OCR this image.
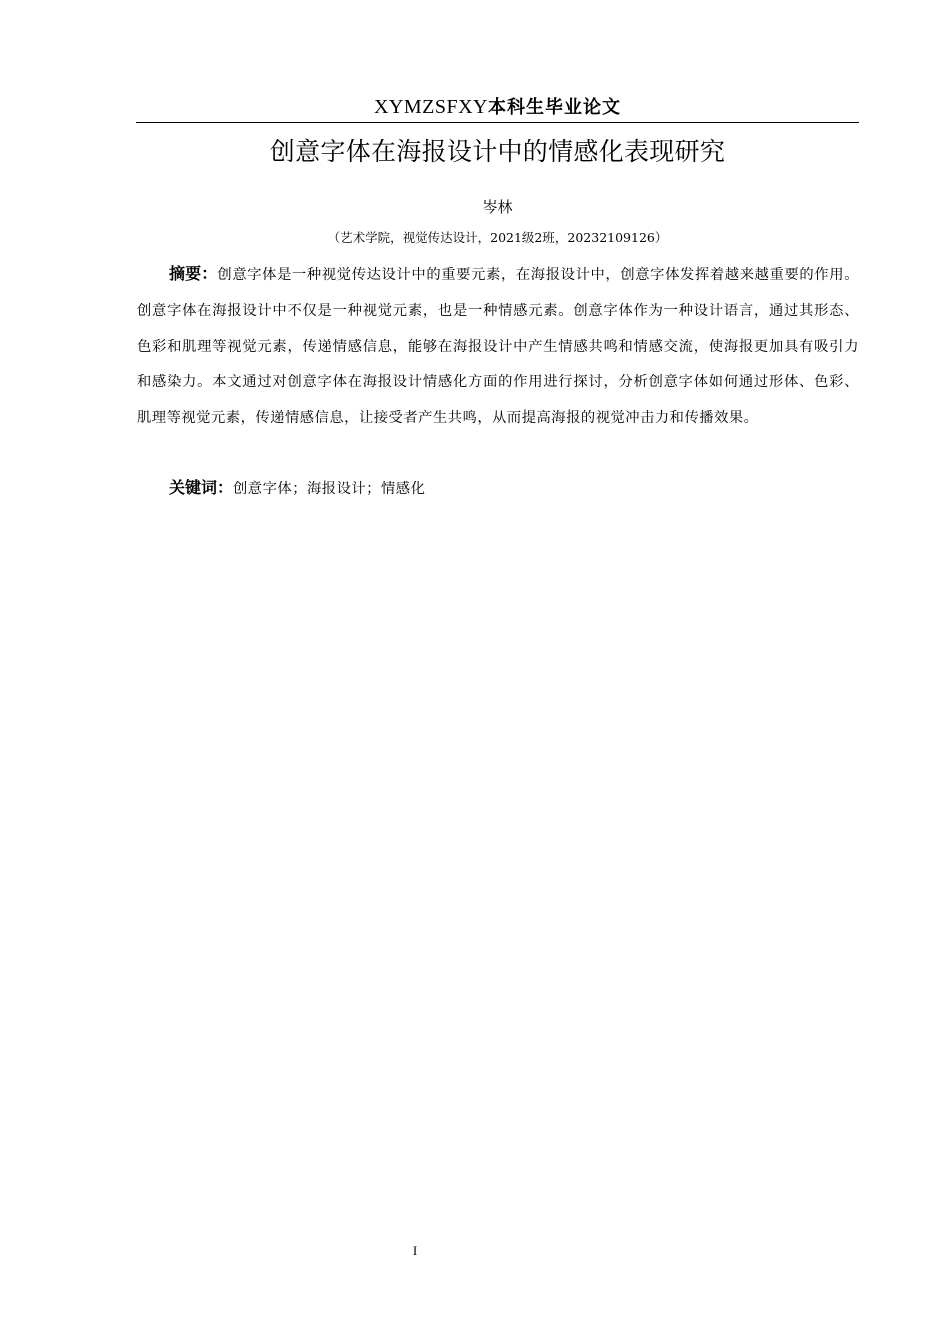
XYMZSFXY本科生毕业论文
创意字体在海报设计中的情感化表现研究
岑林
（艺术学院，视觉传达设计，2021级2班，20232109126）
摘要：创意字体是一种视觉传达设计中的重要元素，在海报设计中，创意字体发挥着越来越重要的作用。创意字体在海报设计中不仅是一种视觉元素，也是一种情感元素。创意字体作为一种设计语言，通过其形态、色彩和肌理等视觉元素，传递情感信息，能够在海报设计中产生情感共鸣和情感交流，使海报更加具有吸引力和感染力。本文通过对创意字体在海报设计情感化方面的作用进行探讨，分析创意字体如何通过形体、色彩、肌理等视觉元素，传递情感信息，让接受者产生共鸣，从而提高海报的视觉冲击力和传播效果。
关键词：创意字体；海报设计；情感化
I
